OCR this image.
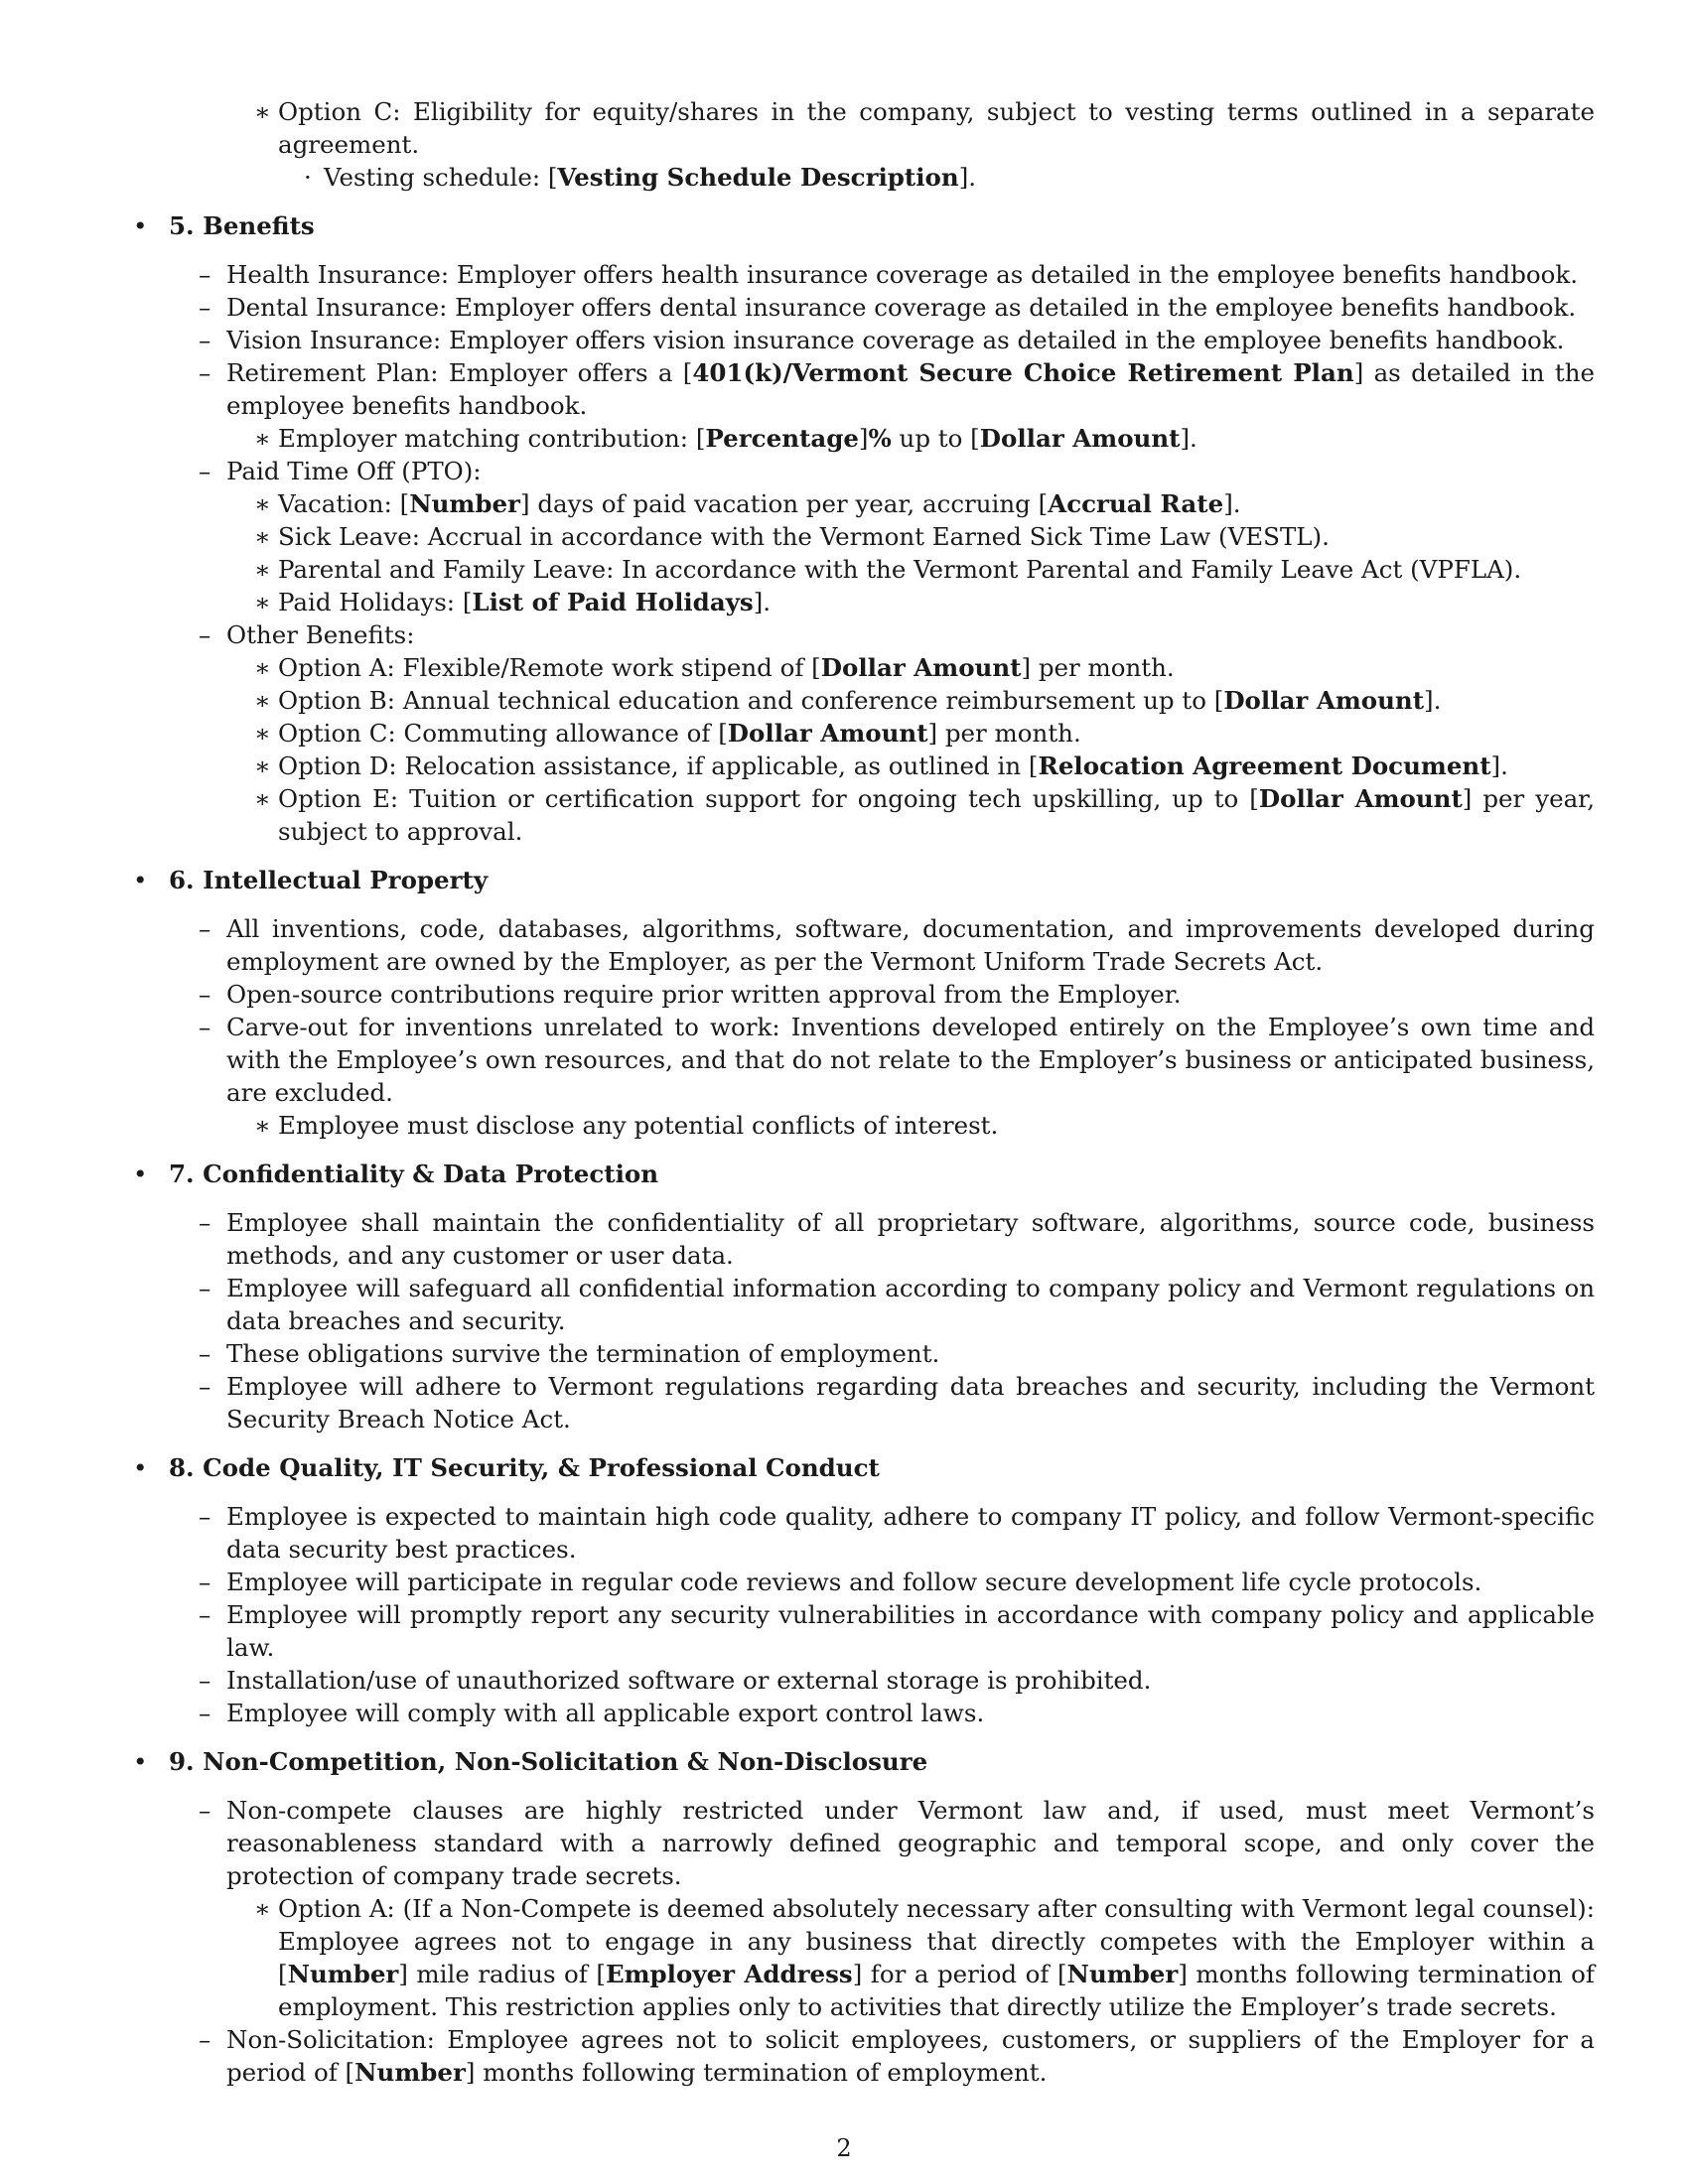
∗ Option C: Eligibility for equity/shares in the company, subject to vesting terms outlined in a separate agreement.
· Vesting schedule: [Vesting Schedule Description].
• 5. Benefits
– Health Insurance: Employer offers health insurance coverage as detailed in the employee benefits handbook.
– Dental Insurance: Employer offers dental insurance coverage as detailed in the employee benefits handbook.
– Vision Insurance: Employer offers vision insurance coverage as detailed in the employee benefits handbook.
– Retirement Plan: Employer offers a [401(k)/Vermont Secure Choice Retirement Plan] as detailed in the employee benefits handbook.
∗ Employer matching contribution: [Percentage]% up to [Dollar Amount].
– Paid Time Off (PTO):
∗ Vacation: [Number] days of paid vacation per year, accruing [Accrual Rate].
∗ Sick Leave: Accrual in accordance with the Vermont Earned Sick Time Law (VESTL).
∗ Parental and Family Leave: In accordance with the Vermont Parental and Family Leave Act (VPFLA).
∗ Paid Holidays: [List of Paid Holidays].
– Other Benefits:
∗ Option A: Flexible/Remote work stipend of [Dollar Amount] per month.
∗ Option B: Annual technical education and conference reimbursement up to [Dollar Amount].
∗ Option C: Commuting allowance of [Dollar Amount] per month.
∗ Option D: Relocation assistance, if applicable, as outlined in [Relocation Agreement Document].
∗ Option E: Tuition or certification support for ongoing tech upskilling, up to [Dollar Amount] per year, subject to approval.
• 6. Intellectual Property
– All inventions, code, databases, algorithms, software, documentation, and improvements developed during employment are owned by the Employer, as per the Vermont Uniform Trade Secrets Act.
– Open-source contributions require prior written approval from the Employer.
– Carve-out for inventions unrelated to work: Inventions developed entirely on the Employee’s own time and with the Employee’s own resources, and that do not relate to the Employer’s business or anticipated business, are excluded.
∗ Employee must disclose any potential conflicts of interest.
• 7. Confidentiality & Data Protection
– Employee shall maintain the confidentiality of all proprietary software, algorithms, source code, business methods, and any customer or user data.
– Employee will safeguard all confidential information according to company policy and Vermont regulations on data breaches and security.
– These obligations survive the termination of employment.
– Employee will adhere to Vermont regulations regarding data breaches and security, including the Vermont Security Breach Notice Act.
• 8. Code Quality, IT Security, & Professional Conduct
– Employee is expected to maintain high code quality, adhere to company IT policy, and follow Vermont-specific data security best practices.
– Employee will participate in regular code reviews and follow secure development life cycle protocols.
– Employee will promptly report any security vulnerabilities in accordance with company policy and applicable law.
– Installation/use of unauthorized software or external storage is prohibited.
– Employee will comply with all applicable export control laws.
• 9. Non-Competition, Non-Solicitation & Non-Disclosure
– Non-compete clauses are highly restricted under Vermont law and, if used, must meet Vermont’s reasonableness standard with a narrowly defined geographic and temporal scope, and only cover the protection of company trade secrets.
∗ Option A: (If a Non-Compete is deemed absolutely necessary after consulting with Vermont legal counsel): Employee agrees not to engage in any business that directly competes with the Employer within a [Number] mile radius of [Employer Address] for a period of [Number] months following termination of employment. This restriction applies only to activities that directly utilize the Employer’s trade secrets.
– Non-Solicitation: Employee agrees not to solicit employees, customers, or suppliers of the Employer for a period of [Number] months following termination of employment.
2
